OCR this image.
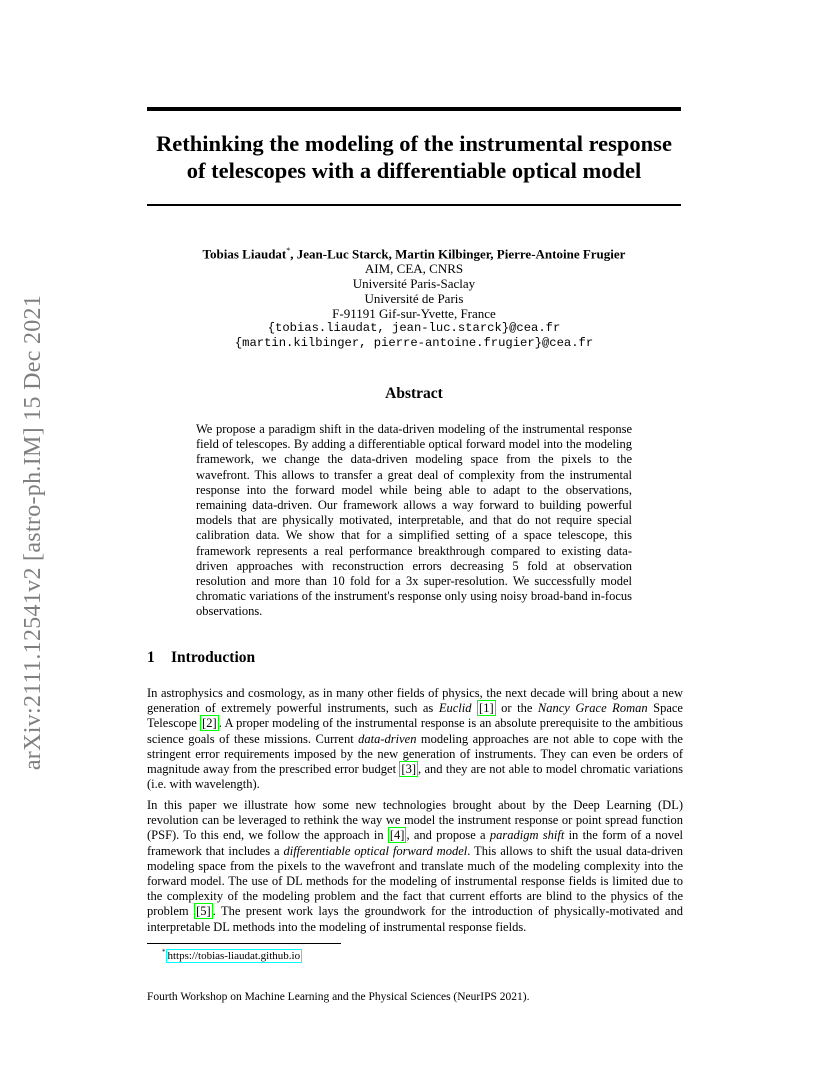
arXiv:2111.12541v2 [astro-ph.IM] 15 Dec 2021
Rethinking the modeling of the instrumental response
of telescopes with a differentiable optical model
Tobias Liaudat*, Jean-Luc Starck, Martin Kilbinger, Pierre-Antoine Frugier
AIM, CEA, CNRS
Université Paris-Saclay
Université de Paris
F-91191 Gif-sur-Yvette, France
{tobias.liaudat, jean-luc.starck}@cea.fr
{martin.kilbinger, pierre-antoine.frugier}@cea.fr
Abstract

We propose a paradigm shift in the data-driven modeling of the instrumental response field of telescopes. By adding a differentiable optical forward model into the modeling framework, we change the data-driven modeling space from the pixels to the wavefront. This allows to transfer a great deal of complexity from the instrumental response into the forward model while being able to adapt to the observations, remaining data-driven. Our framework allows a way forward to building powerful models that are physically motivated, interpretable, and that do not require special calibration data. We show that for a simplified setting of a space telescope, this framework represents a real performance breakthrough compared to existing data-driven approaches with reconstruction errors decreasing 5 fold at observation resolution and more than 10 fold for a 3x super-resolution. We successfully model chromatic variations of the instrument's response only using noisy broad-band in-focus observations.

1 Introduction

In astrophysics and cosmology, as in many other fields of physics, the next decade will bring about a new generation of extremely powerful instruments, such as Euclid [1] or the Nancy Grace Roman Space Telescope [2] . A proper modeling of the instrumental response is an absolute prerequisite to the ambitious science goals of these missions. Current data-driven modeling approaches are not able to cope with the stringent error requirements imposed by the new generation of instruments. They can even be orders of magnitude away from the prescribed error budget [3] , and they are not able to model chromatic variations (i.e. with wavelength).

In this paper we illustrate how some new technologies brought about by the Deep Learning (DL) revolution can be leveraged to rethink the way we model the instrument response or point spread function (PSF). To this end, we follow the approach in [4] , and propose a paradigm shift in the form of a novel framework that includes a differentiable optical forward model. This allows to shift the usual data-driven modeling space from the pixels to the wavefront and translate much of the modeling complexity into the forward model. The use of DL methods for the modeling of instrumental response fields is limited due to the complexity of the modeling problem and the fact that current efforts are blind to the physics of the problem [5] . The present work lays the groundwork for the introduction of physically-motivated and interpretable DL methods into the modeling of instrumental response fields.

* https://tobias-liaudat.github.io

Fourth Workshop on Machine Learning and the Physical Sciences (NeurIPS 2021).
